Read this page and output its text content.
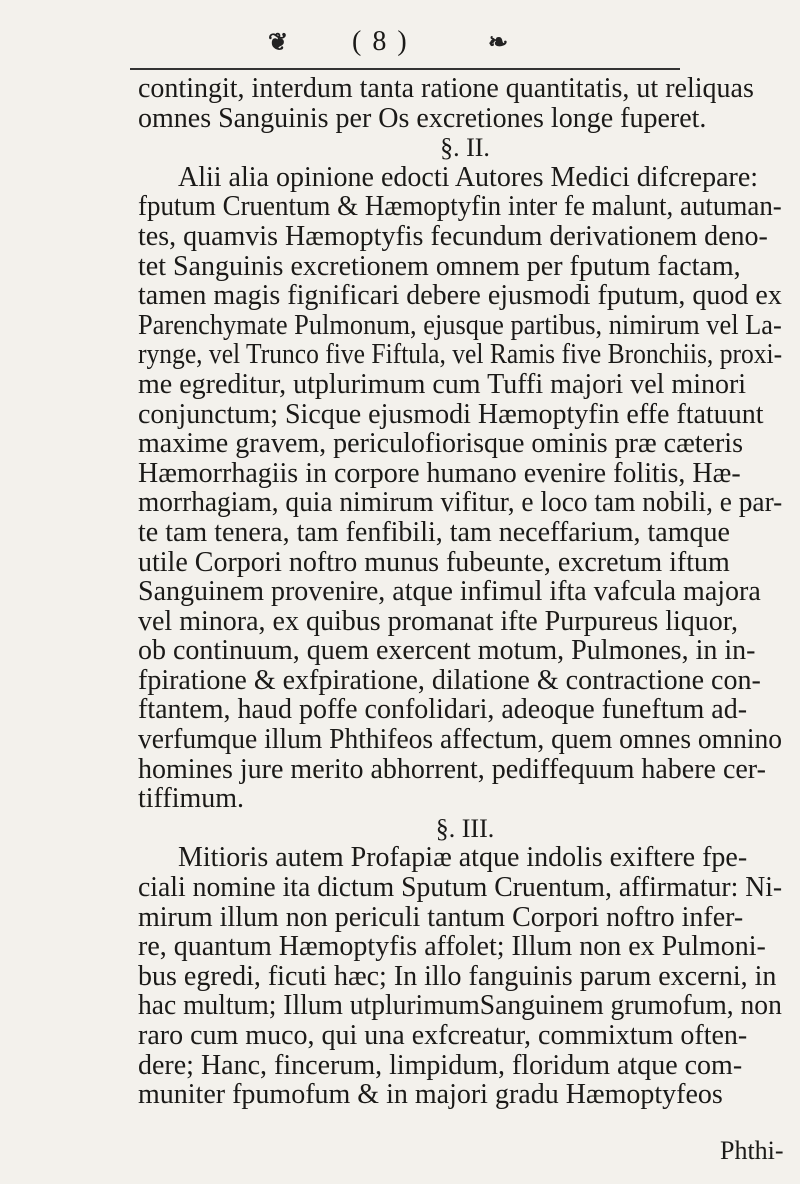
❦ ( 8 )	❧
contingit, interdum tanta ratione quantitatis, ut reliquas
omnes Sanguinis per Os excretiones longe fuperet.
§. II.
Alii alia opinione edocti Autores Medici difcrepare:
fputum Cruentum & Hæmoptyfin inter fe malunt, autuman-
tes, quamvis Hæmoptyfis fecundum derivationem deno-
tet Sanguinis excretionem omnem per fputum factam,
tamen magis fignificari debere ejusmodi fputum, quod ex
Parenchymate Pulmonum, ejusque partibus, nimirum vel La-
rynge, vel Trunco five Fiftula, vel Ramis five Bronchiis, proxi-
me egreditur, utplurimum cum Tuffi majori vel minori
conjunctum; Sicque ejusmodi Hæmoptyfin effe ftatuunt
maxime gravem, periculofiorisque ominis præ cæteris
Hæmorrhagiis in corpore humano evenire folitis, Hæ-
morrhagiam, quia nimirum vifitur, e loco tam nobili, e par-
te tam tenera, tam fenfibili, tam neceffarium, tamque
utile Corpori noftro munus fubeunte, excretum iftum
Sanguinem provenire, atque infimul ifta vafcula majora
vel minora, ex quibus promanat ifte Purpureus liquor,
ob continuum, quem exercent motum, Pulmones, in in-
fpiratione & exfpiratione, dilatione & contractione con-
ftantem, haud poffe confolidari, adeoque funeftum ad-
verfumque illum Phthifeos affectum, quem omnes omnino
homines jure merito abhorrent, pediffequum habere cer-
tiffimum.
§. III.
Mitioris autem Profapiæ atque indolis exiftere fpe-
ciali nomine ita dictum Sputum Cruentum, affirmatur: Ni-
mirum illum non periculi tantum Corpori noftro infer-
re, quantum Hæmoptyfis affolet; Illum non ex Pulmoni-
bus egredi, ficuti hæc; In illo fanguinis parum excerni, in
hac multum; Illum utplurimumSanguinem grumofum, non
raro cum muco, qui una exfcreatur, commixtum often-
dere; Hanc, fincerum, limpidum, floridum atque com-
muniter fpumofum & in majori gradu Hæmoptyfeos
Phthi-
